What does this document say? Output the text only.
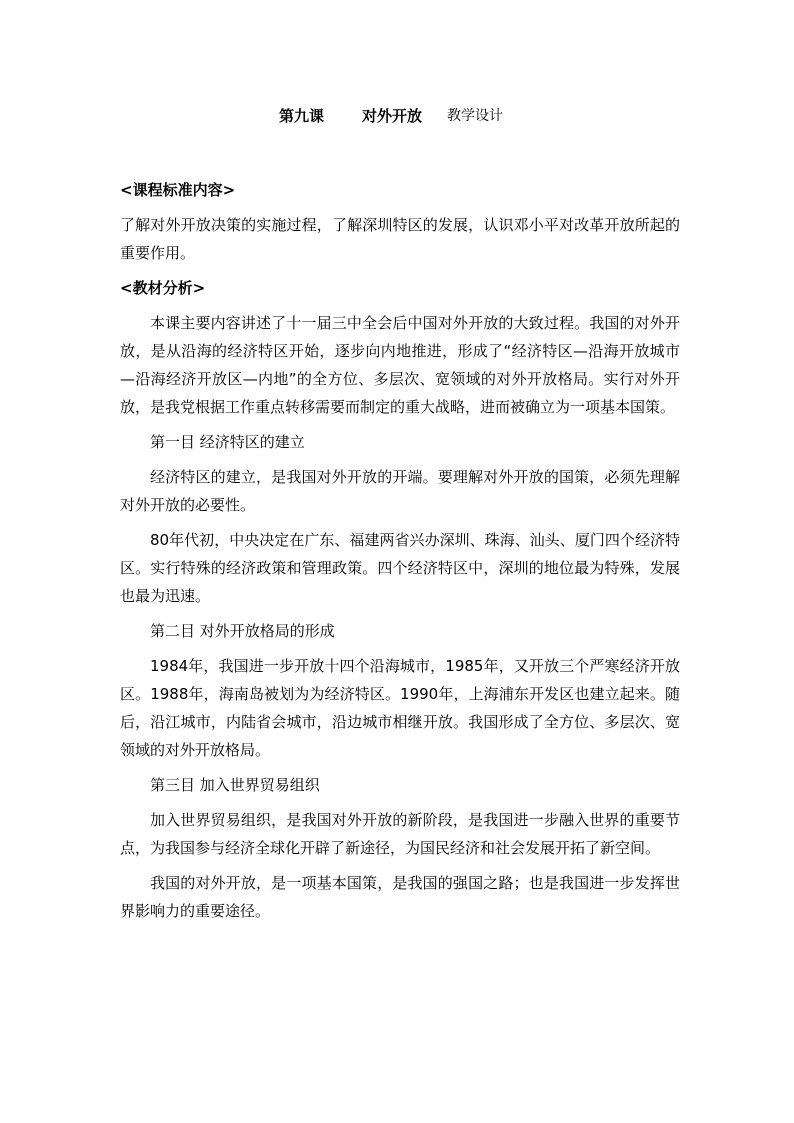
第九课	对外开放 教学设计

<课程标准内容>

了解对外开放决策的实施过程，了解深圳特区的发展，认识邓小平对改革开放所起的重要作用。

<教材分析>

本课主要内容讲述了十一届三中全会后中国对外开放的大致过程。我国的对外开放，是从沿海的经济特区开始，逐步向内地推进，形成了“经济特区—沿海开放城市—沿海经济开放区—内地”的全方位、多层次、宽领域的对外开放格局。实行对外开放，是我党根据工作重点转移需要而制定的重大战略，进而被确立为一项基本国策。

第一目 经济特区的建立

经济特区的建立，是我国对外开放的开端。要理解对外开放的国策，必须先理解对外开放的必要性。

80年代初，中央决定在广东、福建两省兴办深圳、珠海、汕头、厦门四个经济特区。实行特殊的经济政策和管理政策。四个经济特区中，深圳的地位最为特殊，发展也最为迅速。

第二目 对外开放格局的形成

1984年，我国进一步开放十四个沿海城市，1985年，又开放三个严寒经济开放区。1988年，海南岛被划为为经济特区。1990年，上海浦东开发区也建立起来。随后，沿江城市，内陆省会城市，沿边城市相继开放。我国形成了全方位、多层次、宽领域的对外开放格局。

第三目 加入世界贸易组织

加入世界贸易组织，是我国对外开放的新阶段，是我国进一步融入世界的重要节点，为我国参与经济全球化开辟了新途径，为国民经济和社会发展开拓了新空间。

我国的对外开放，是一项基本国策，是我国的强国之路；也是我国进一步发挥世界影响力的重要途径。
